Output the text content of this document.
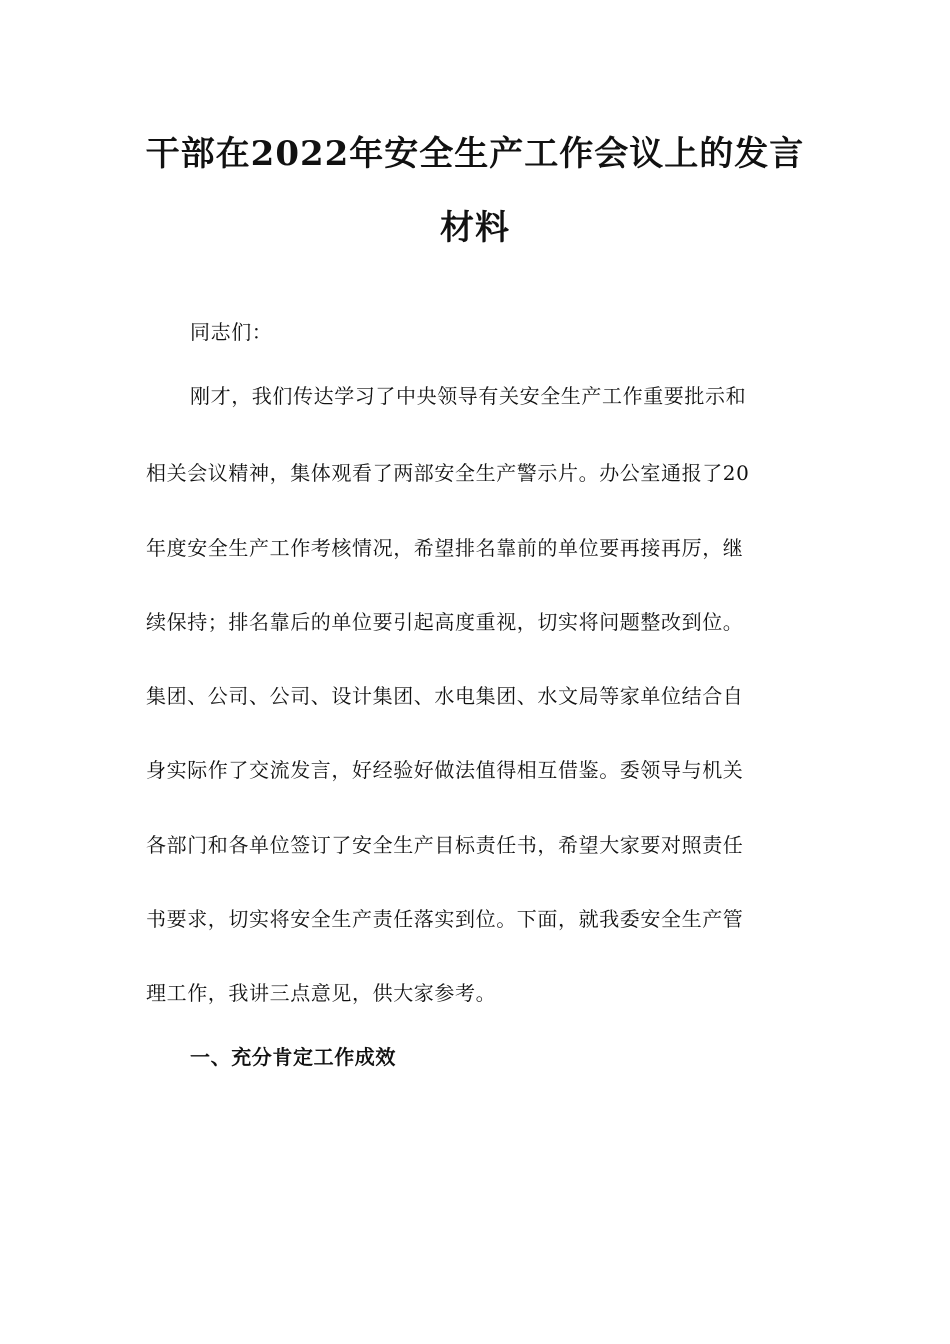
干部在2022年安全生产工作会议上的发言
材料
同志们：
刚才，我们传达学习了中央领导有关安全生产工作重要批示和
相关会议精神，集体观看了两部安全生产警示片。办公室通报了20
年度安全生产工作考核情况，希望排名靠前的单位要再接再厉，继
续保持；排名靠后的单位要引起高度重视，切实将问题整改到位。
集团、公司、公司、设计集团、水电集团、水文局等家单位结合自
身实际作了交流发言，好经验好做法值得相互借鉴。委领导与机关
各部门和各单位签订了安全生产目标责任书，希望大家要对照责任
书要求，切实将安全生产责任落实到位。下面，就我委安全生产管
理工作，我讲三点意见，供大家参考。
一、充分肯定工作成效
